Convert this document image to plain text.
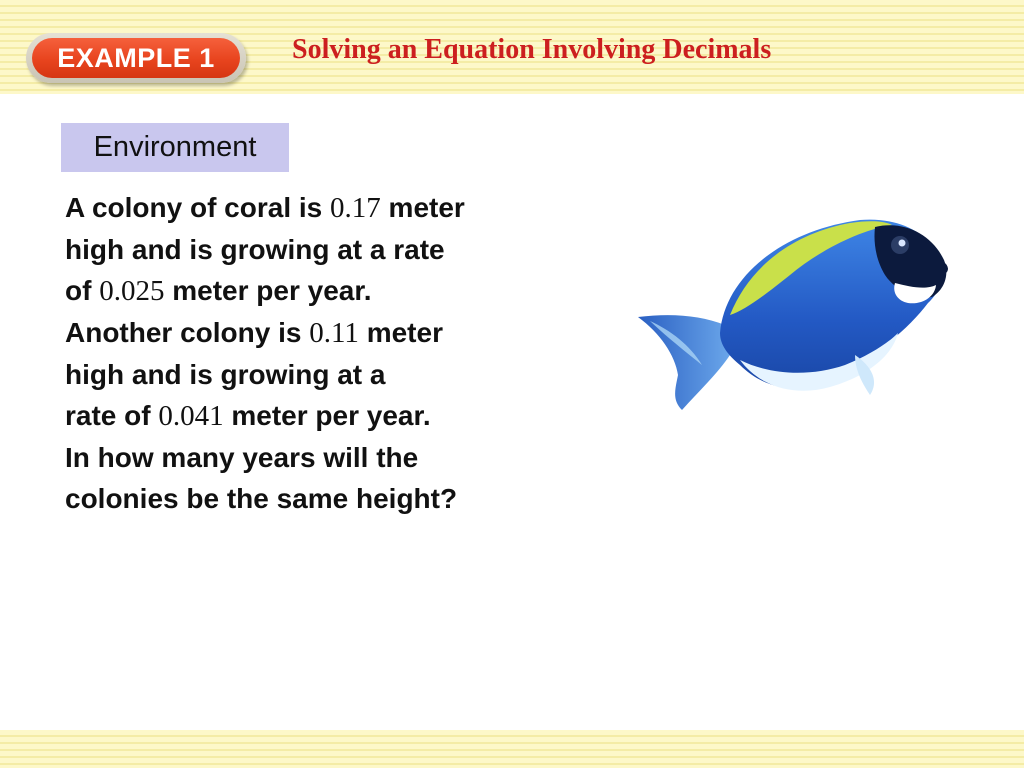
EXAMPLE 1	Solving an Equation Involving Decimals
Environment
A colony of coral is 0.17 meter
high and is growing at a rate
of 0.025 meter per year.
Another colony is 0.11 meter
high and is growing at a
rate of 0.041 meter per year.
In how many years will the
colonies be the same height?
